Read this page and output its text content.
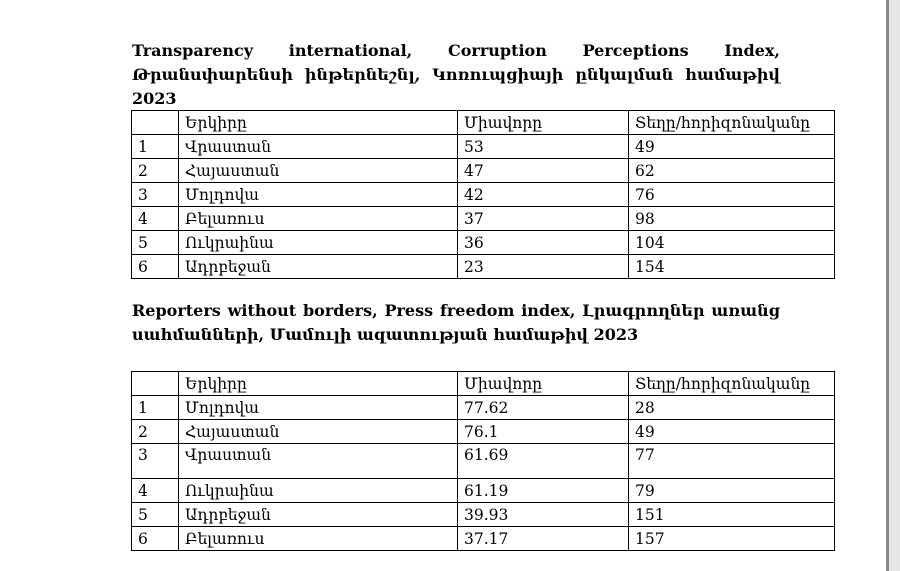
Transparency international, Corruption Perceptions Index, Թրանսփարենսի ինթերնեշնլ, Կոռուպցիայի ընկալման համաթիվ 2023
	Երկիրը	Միավորը	Տեղը/հորիզոնականը
1	Վրաստան	53	49
2	Հայաստան	47	62
3	Մոլդովա	42	76
4	Բելառուս	37	98
5	Ուկրաինա	36	104
6	Ադրբեջան	23	154
Reporters without borders, Press freedom index, Լրագրողներ առանց սահմանների, Մամուլի ազատության համաթիվ 2023
	Երկիրը	Միավորը	Տեղը/հորիզոնականը
1	Մոլդովա	77.62	28
2	Հայաստան	76.1	49
3	Վրաստան	61.69	77
4	Ուկրաինա	61.19	79
5	Ադրբեջան	39.93	151
6	Բելառուս	37.17	157
